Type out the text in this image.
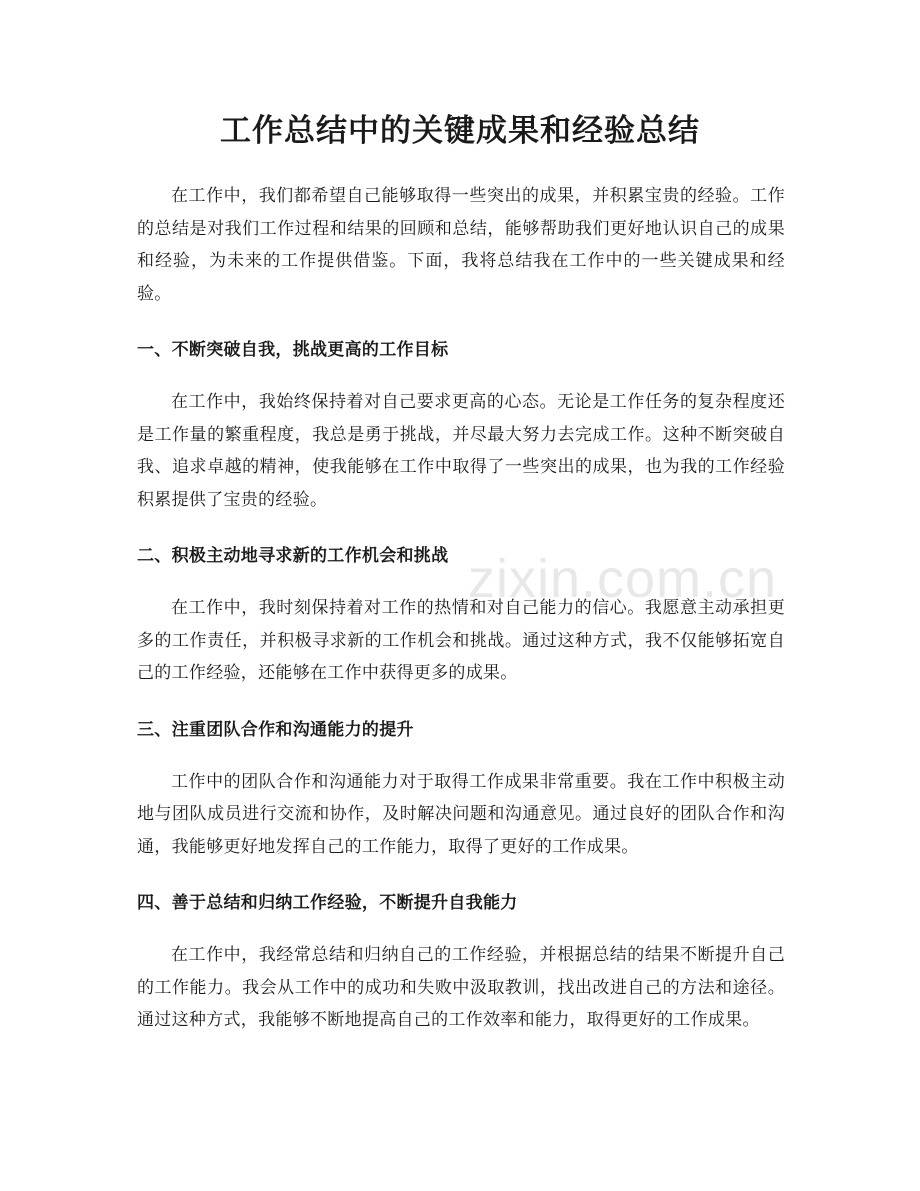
工作总结中的关键成果和经验总结

在工作中，我们都希望自己能够取得一些突出的成果，并积累宝贵的经验。工作的总结是对我们工作过程和结果的回顾和总结，能够帮助我们更好地认识自己的成果和经验，为未来的工作提供借鉴。下面，我将总结我在工作中的一些关键成果和经验。

一、不断突破自我，挑战更高的工作目标

在工作中，我始终保持着对自己要求更高的心态。无论是工作任务的复杂程度还是工作量的繁重程度，我总是勇于挑战，并尽最大努力去完成工作。这种不断突破自我、追求卓越的精神，使我能够在工作中取得了一些突出的成果，也为我的工作经验积累提供了宝贵的经验。

二、积极主动地寻求新的工作机会和挑战

在工作中，我时刻保持着对工作的热情和对自己能力的信心。我愿意主动承担更多的工作责任，并积极寻求新的工作机会和挑战。通过这种方式，我不仅能够拓宽自己的工作经验，还能够在工作中获得更多的成果。

三、注重团队合作和沟通能力的提升

工作中的团队合作和沟通能力对于取得工作成果非常重要。我在工作中积极主动地与团队成员进行交流和协作，及时解决问题和沟通意见。通过良好的团队合作和沟通，我能够更好地发挥自己的工作能力，取得了更好的工作成果。

四、善于总结和归纳工作经验，不断提升自我能力

在工作中，我经常总结和归纳自己的工作经验，并根据总结的结果不断提升自己的工作能力。我会从工作中的成功和失败中汲取教训，找出改进自己的方法和途径。通过这种方式，我能够不断地提高自己的工作效率和能力，取得更好的工作成果。

zixin.com.cn
